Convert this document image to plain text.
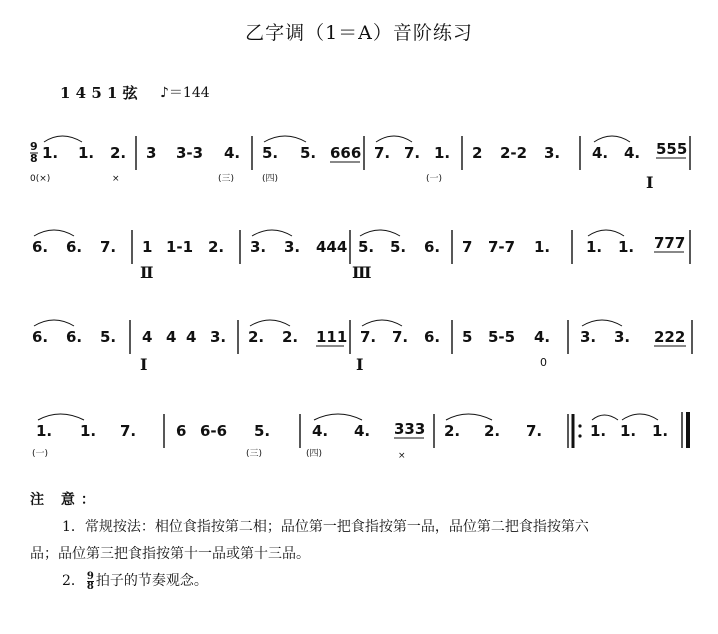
乙字调（1＝A）音阶练习
1 4 5 1 弦 ♪＝144
9
8 1. 1. 2.
0(×)	×
3 3-3 4.
(三)
5. 5. 666
(四)
7. 7. 1.
(一)
2 2-2 3. 4. 4. 555
Ⅰ
6. 6. 7. 1 1-1 2.
Ⅱ
3. 3. 444 5. 5. 6.
Ⅲ
7 7-7 1. 1. 1. 777
6. 6. 5. 4 4 4 3.
Ⅰ
2. 2. 111 7. 7. 6.
Ⅰ
5 5-5 4.
0
3. 3. 222
1. 1. 7.
(一)
6 6-6 5.
(三)
4. 4. 333
(四)	×
2. 2. 7.	1. 1. 1.

注 意：

1．常规按法：相位食指按第二相；品位第一把食指按第一品，品位第二把食指按第六

品；品位第三把食指按第十一品或第十三品。

2． $\frac{9}{8}$ 拍子的节奏观念。
